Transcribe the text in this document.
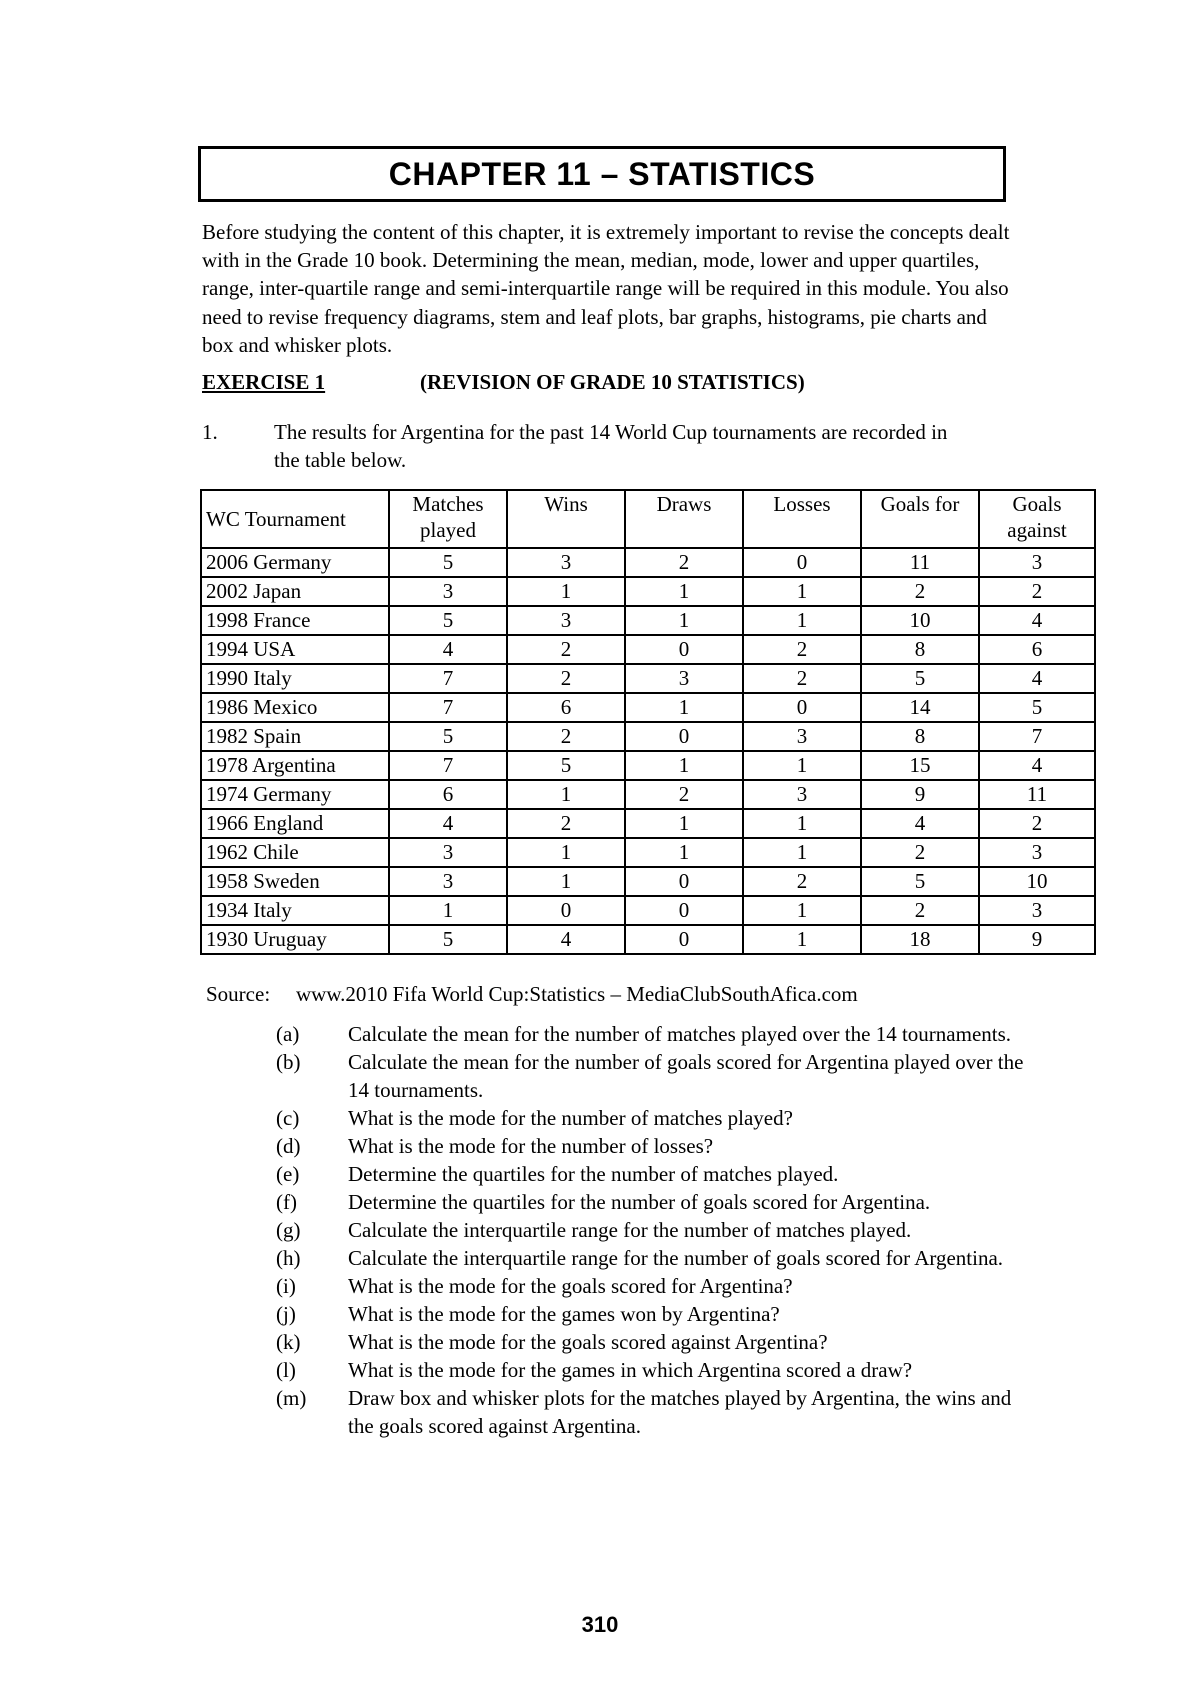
CHAPTER 11 – STATISTICS
Before studying the content of this chapter, it is extremely important to revise the concepts dealt with in the Grade 10 book. Determining the mean, median, mode, lower and upper quartiles, range, inter-quartile range and semi-interquartile range will be required in this module. You also need to revise frequency diagrams, stem and leaf plots, bar graphs, histograms, pie charts and box and whisker plots.
EXERCISE 1	(REVISION OF GRADE 10 STATISTICS)
1.	The results for Argentina for the past 14 World Cup tournaments are recorded in the table below.
WC Tournament	Matches played	Wins	Draws	Losses	Goals for	Goals against
2006 Germany	5	3	2	0	11	3
2002 Japan	3	1	1	1	2	2
1998 France	5	3	1	1	10	4
1994 USA	4	2	0	2	8	6
1990 Italy	7	2	3	2	5	4
1986 Mexico	7	6	1	0	14	5
1982 Spain	5	2	0	3	8	7
1978 Argentina	7	5	1	1	15	4
1974 Germany	6	1	2	3	9	11
1966 England	4	2	1	1	4	2
1962 Chile	3	1	1	1	2	3
1958 Sweden	3	1	0	2	5	10
1934 Italy	1	0	0	1	2	3
1930 Uruguay	5	4	0	1	18	9
Source: www.2010 Fifa World Cup:Statistics – MediaClubSouthAfica.com
(a)	Calculate the mean for the number of matches played over the 14 tournaments.
(b)	Calculate the mean for the number of goals scored for Argentina played over the 14 tournaments.
(c)	What is the mode for the number of matches played?
(d)	What is the mode for the number of losses?
(e)	Determine the quartiles for the number of matches played.
(f)	Determine the quartiles for the number of goals scored for Argentina.
(g)	Calculate the interquartile range for the number of matches played.
(h)	Calculate the interquartile range for the number of goals scored for Argentina.
(i)	What is the mode for the goals scored for Argentina?
(j)	What is the mode for the games won by Argentina?
(k)	What is the mode for the goals scored against Argentina?
(l)	What is the mode for the games in which Argentina scored a draw?
(m)	Draw box and whisker plots for the matches played by Argentina, the wins and the goals scored against Argentina.
310
